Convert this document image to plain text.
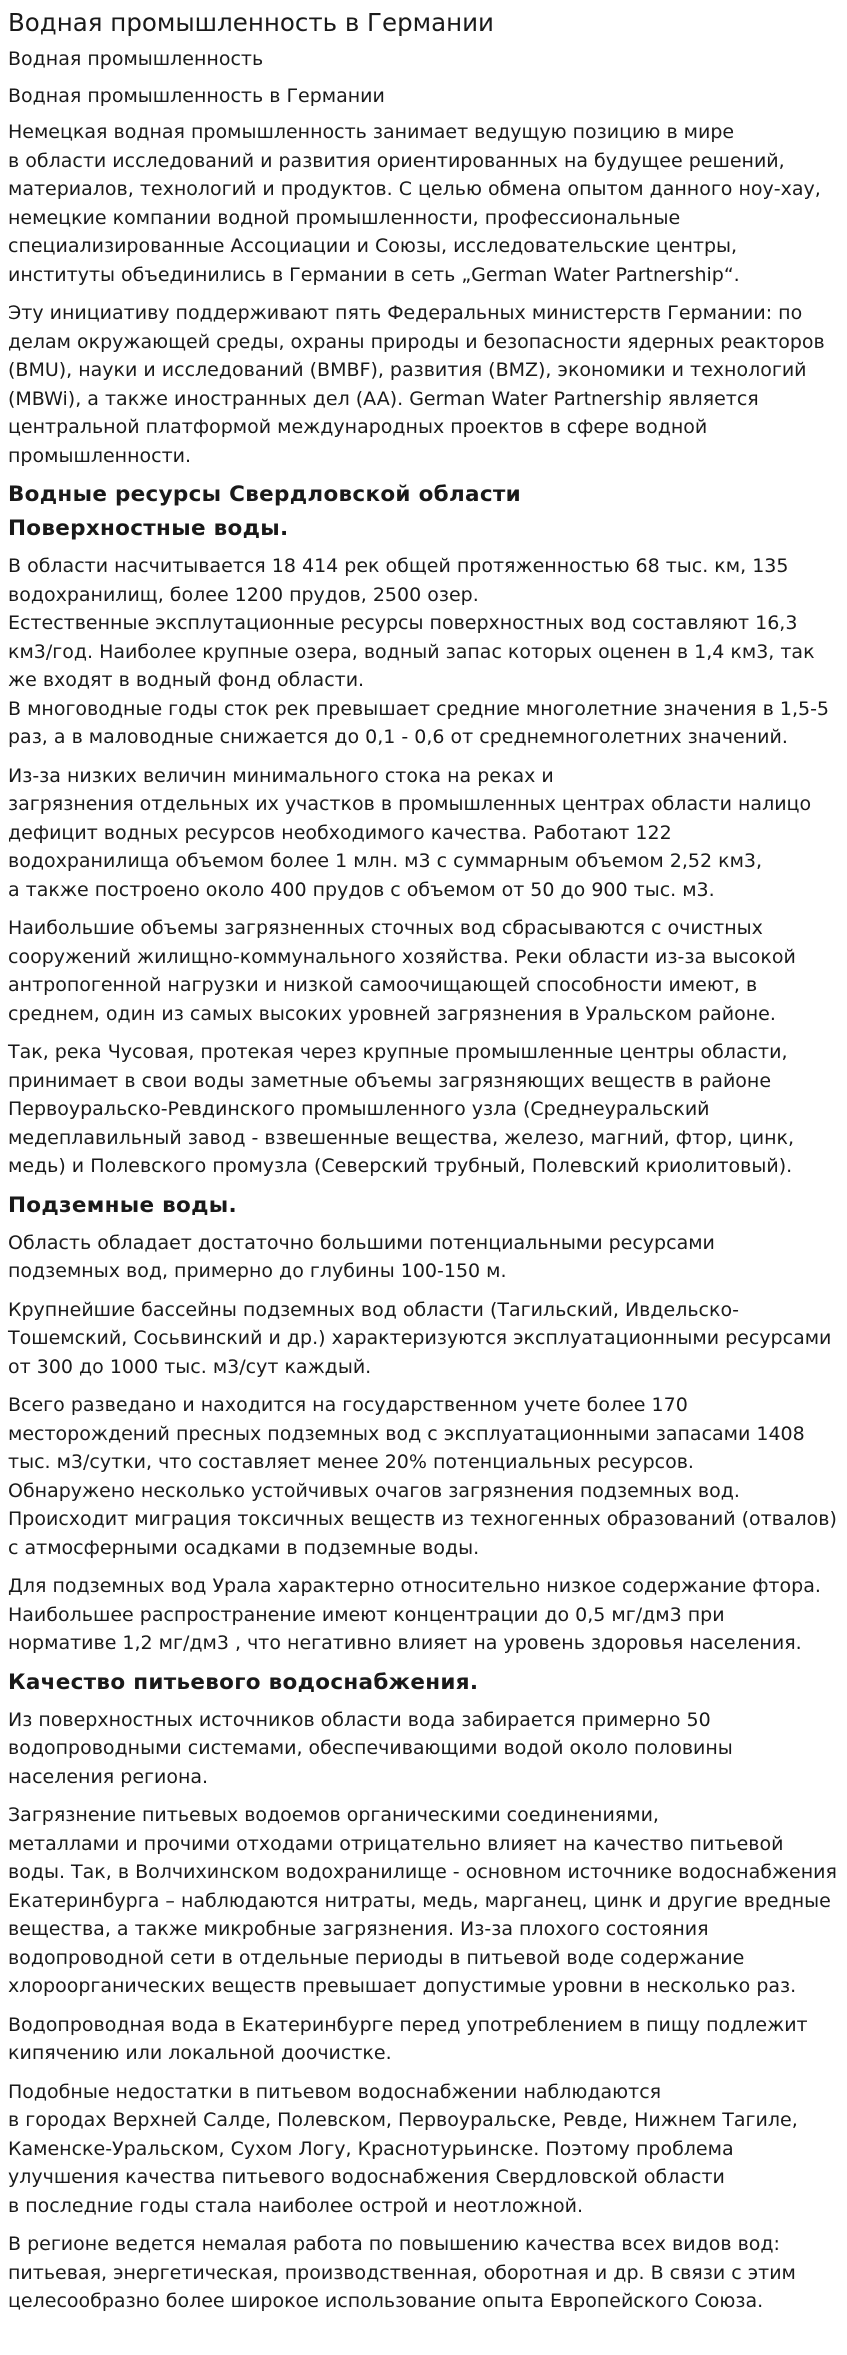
Водная промышленность в Германии
Водная промышленность
Водная промышленность в Германии

Немецкая водная промышленность занимает ведущую позицию в мире
в области исследований и развития ориентированных на будущее решений,
материалов, технологий и продуктов. С целью обмена опытом данного ноу-хау,
немецкие компании водной промышленности, профессиональные
специализированные Ассоциации и Союзы, исследовательские центры,
институты объединились в Германии в сеть „German Water Partnership“.

Эту инициативу поддерживают пять Федеральных министерств Германии: по
делам окружающей среды, охраны природы и безопасности ядерных реакторов
(BMU), науки и исследований (BMBF), развития (BMZ), экономики и технологий
(MBWi), а также иностранных дел (AA). German Water Partnership является
центральной платформой международных проектов в сфере водной
промышленности.

Водные ресурсы Свердловской области
Поверхностные воды.

В области насчитывается 18 414 рек общей протяженностью 68 тыс. км, 135
водохранилищ, более 1200 прудов, 2500 озер.
Естественные эксплутационные ресурсы поверхностных вод составляют 16,3
км3/год. Наиболее крупные озера, водный запас которых оценен в 1,4 км3, так
же входят в водный фонд области.
В многоводные годы сток рек превышает средние многолетние значения в 1,5-5
раз, а в маловодные снижается до 0,1 - 0,6 от среднемноголетних значений.

Из-за низких величин минимального стока на реках и
загрязнения отдельных их участков в промышленных центрах области налицо
дефицит водных ресурсов необходимого качества. Работают 122
водохранилища объемом более 1 млн. м3 с суммарным объемом 2,52 км3,
а также построено около 400 прудов с объемом от 50 до 900 тыс. м3.

Наибольшие объемы загрязненных сточных вод сбрасываются с очистных
сооружений жилищно-коммунального хозяйства. Реки области из-за высокой
антропогенной нагрузки и низкой самоочищающей способности имеют, в
среднем, один из самых высоких уровней загрязнения в Уральском районе.

Так, река Чусовая, протекая через крупные промышленные центры области,
принимает в свои воды заметные объемы загрязняющих веществ в районе
Первоуральско-Ревдинского промышленного узла (Среднеуральский
медеплавильный завод - взвешенные вещества, железо, магний, фтор, цинк,
медь) и Полевского промузла (Северский трубный, Полевский криолитовый).

Подземные воды.

Область обладает достаточно большими потенциальными ресурсами
подземных вод, примерно до глубины 100-150 м.

Крупнейшие бассейны подземных вод области (Тагильский, Ивдельско-
Тошемский, Сосьвинский и др.) характеризуются эксплуатационными ресурсами
от 300 до 1000 тыс. м3/сут каждый.

Всего разведано и находится на государственном учете более 170
месторождений пресных подземных вод с эксплуатационными запасами 1408
тыс. м3/сутки, что составляет менее 20% потенциальных ресурсов.
Обнаружено несколько устойчивых очагов загрязнения подземных вод.
Происходит миграция токсичных веществ из техногенных образований (отвалов)
с атмосферными осадками в подземные воды.

Для подземных вод Урала характерно относительно низкое содержание фтора.
Наибольшее распространение имеют концентрации до 0,5 мг/дм3 при
нормативе 1,2 мг/дм3 , что негативно влияет на уровень здоровья населения.

Качество питьевого водоснабжения.

Из поверхностных источников области вода забирается примерно 50
водопроводными системами, обеспечивающими водой около половины
населения региона.

Загрязнение питьевых водоемов органическими соединениями,
металлами и прочими отходами отрицательно влияет на качество питьевой
воды. Так, в Волчихинском водохранилище - основном источнике водоснабжения
Екатеринбурга – наблюдаются нитраты, медь, марганец, цинк и другие вредные
вещества, а также микробные загрязнения. Из-за плохого состояния
водопроводной сети в отдельные периоды в питьевой воде содержание
хлороорганических веществ превышает допустимые уровни в несколько раз.

Водопроводная вода в Екатеринбурге перед употреблением в пищу подлежит
кипячению или локальной доочистке.

Подобные недостатки в питьевом водоснабжении наблюдаются
в городах Верхней Салде, Полевском, Первоуральске, Ревде, Нижнем Тагиле,
Каменске-Уральском, Сухом Логу, Краснотурьинске. Поэтому проблема
улучшения качества питьевого водоснабжения Свердловской области
в последние годы стала наиболее острой и неотложной.

В регионе ведется немалая работа по повышению качества всех видов вод:
питьевая, энергетическая, производственная, оборотная и др. В связи с этим
целесообразно более широкое использование опыта Европейского Союза.
